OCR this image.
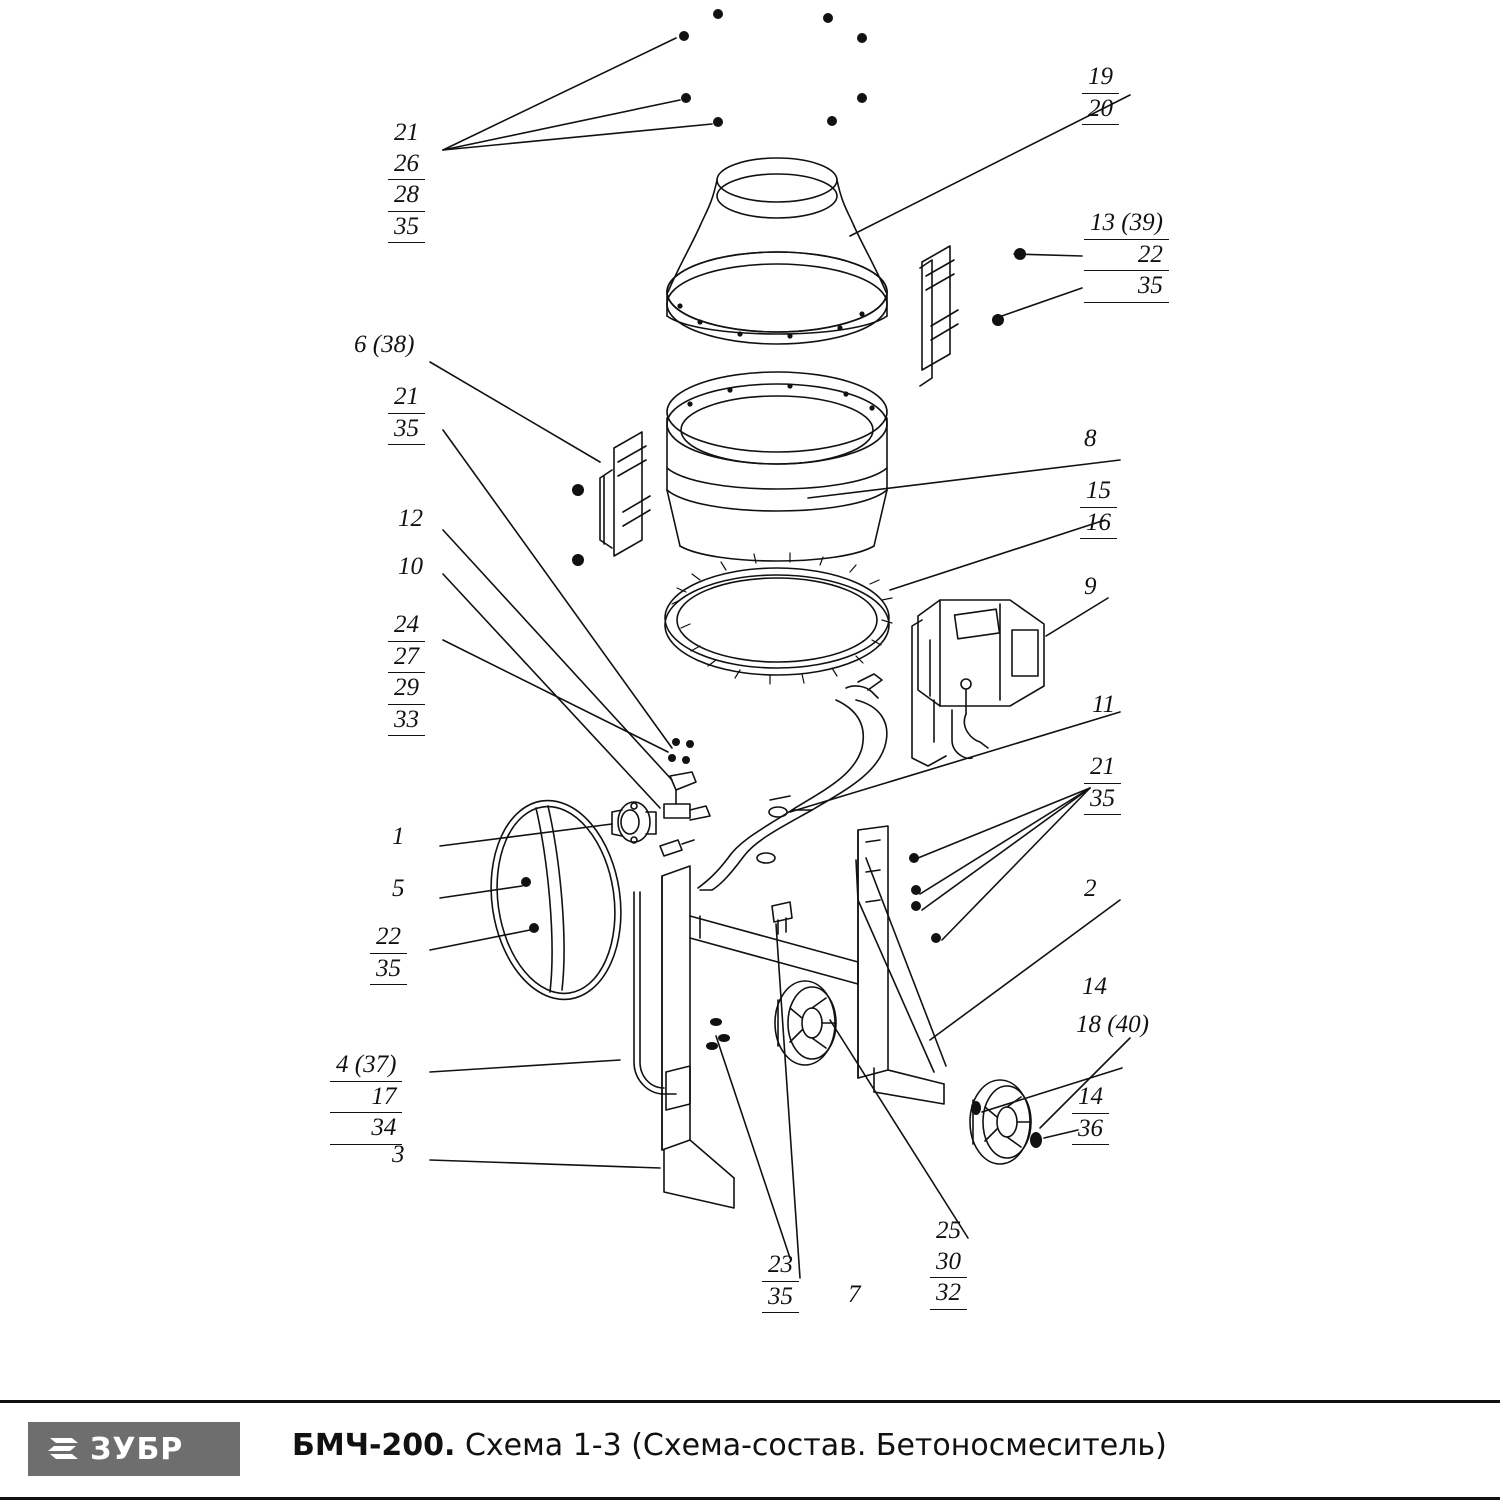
21
26
28
35
19
20
13 (39)
22
35
6 (38)
21
35	8
15
16
12
10
24
27
29
33
9
11
21
35
1
5
22
35
2
14
18 (40)
14
36
4 (37)
17
34
3
25
30
32
23
35 7
ЗУБР	БМЧ-200. Схема 1-3 (Схема-состав. Бетоносмеситель)
